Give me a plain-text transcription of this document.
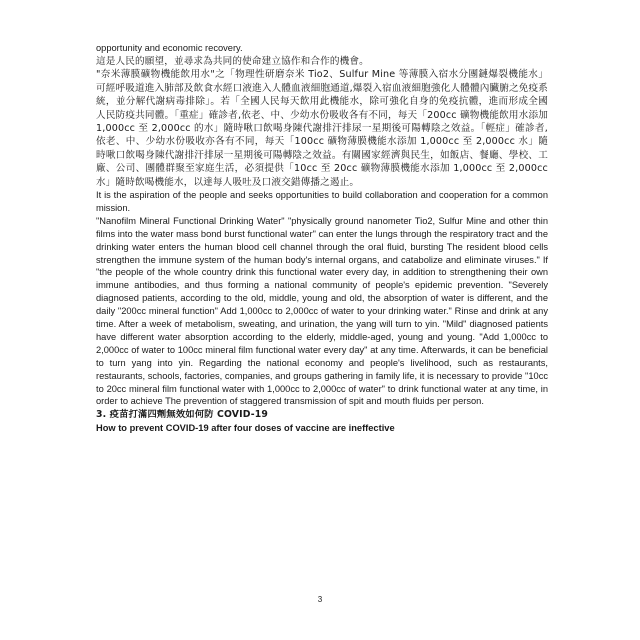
opportunity and economic recovery.

這是人民的願望，並尋求為共同的使命建立協作和合作的機會。

"奈米薄膜礦物機能飲用水"之「物理性研磨奈米 Tio2、Sulfur Mine 等薄膜入宿水分團鏈爆裂機能水」可經呼吸道進入肺部及飲食水經口液進入人體血液細胞通道,爆裂入宿血液細胞強化人體體內臟腑之免疫系統，並分解代謝病毒排除」。若「全國人民每天飲用此機能水，除可強化自身的免疫抗體，進而形成全國人民防疫共同體。「重症」確診者,依老、中、少幼水份吸收各有不同，每天「200cc 礦物機能飲用水添加 1,000cc 至 2,000cc 的水」隨時啾口飲喝身陳代謝排汗排尿一星期後可陽轉陰之效益。「輕症」確診者,依老、中、少幼水份吸收亦各有不同，每天「100cc 礦物薄膜機能水添加 1,000cc 至 2,000cc 水」隨時啾口飲喝身陳代謝排汗排尿一星期後可陽轉陰之效益。有關國家經濟與民生，如飯店、餐廳、學校、工廠、公司、團體群聚至家庭生活，必須提供「10cc 至 20cc 礦物薄膜機能水添加 1,000cc 至 2,000cc 水」隨時飲喝機能水，以達每人吸吐及口液交錯傳播之遏止。

It is the aspiration of the people and seeks opportunities to build collaboration and cooperation for a common mission.

"Nanofilm Mineral Functional Drinking Water" "physically ground nanometer Tio2, Sulfur Mine and other thin films into the water mass bond burst functional water" can enter the lungs through the respiratory tract and the drinking water enters the human blood cell channel through the oral fluid, bursting The resident blood cells strengthen the immune system of the human body's internal organs, and catabolize and eliminate viruses." If "the people of the whole country drink this functional water every day, in addition to strengthening their own immune antibodies, and thus forming a national community of people's epidemic prevention. "Severely diagnosed patients, according to the old, middle, young and old, the absorption of water is different, and the daily "200cc mineral function" Add 1,000cc to 2,000cc of water to your drinking water." Rinse and drink at any time. After a week of metabolism, sweating, and urination, the yang will turn to yin. "Mild" diagnosed patients have different water absorption according to the elderly, middle-aged, young and young. "Add 1,000cc to 2,000cc of water to 100cc mineral film functional water every day" at any time. Afterwards, it can be beneficial to turn yang into yin. Regarding the national economy and people's livelihood, such as restaurants, restaurants, schools, factories, companies, and groups gathering in family life, it is necessary to provide "10cc to 20cc mineral film functional water with 1,000cc to 2,000cc of water" to drink functional water at any time, in order to achieve The prevention of staggered transmission of spit and mouth fluids per person.

3. 疫苗打滿四劑無效如何防 COVID-19

How to prevent COVID-19 after four doses of vaccine are ineffective

3
